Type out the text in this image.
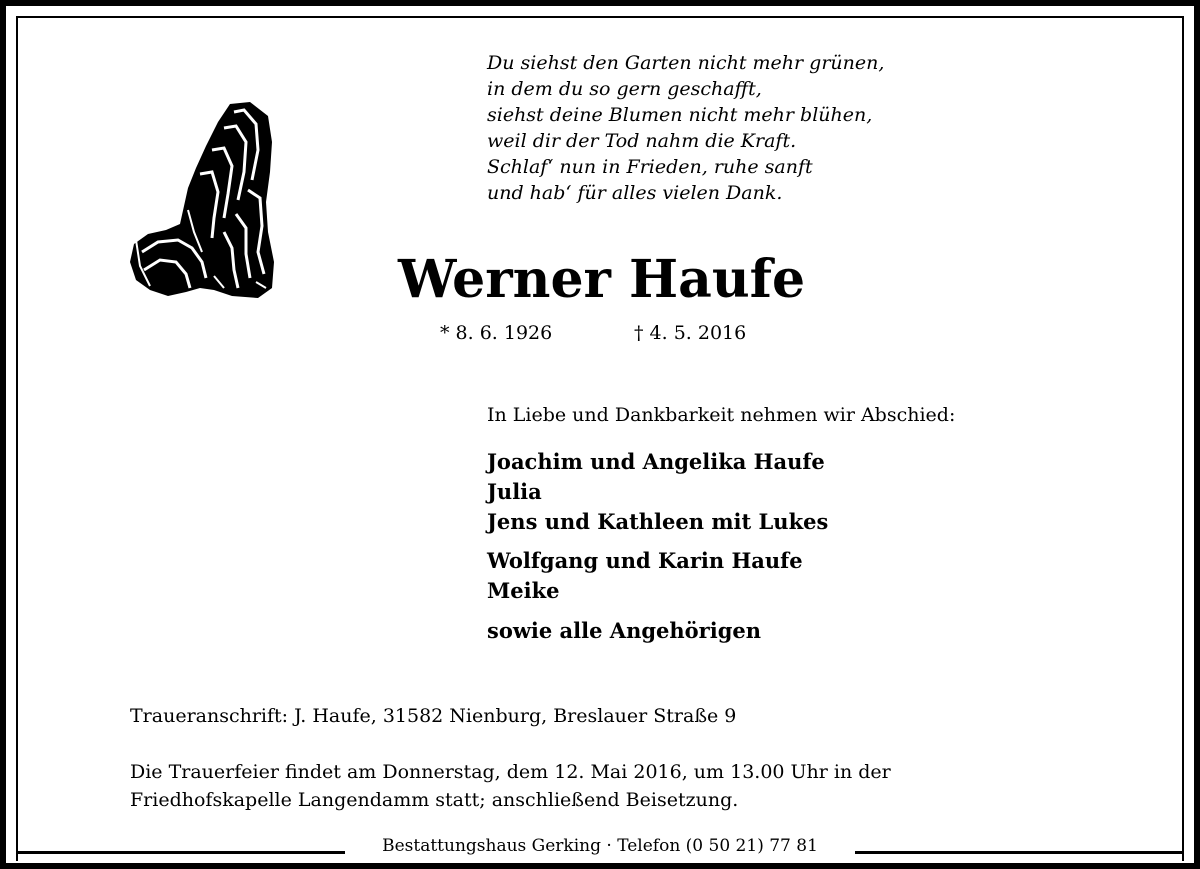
Du siehst den Garten nicht mehr grünen,
in dem du so gern geschafft,
siehst deine Blumen nicht mehr blühen,
weil dir der Tod nahm die Kraft.
Schlaf‘ nun in Frieden, ruhe sanft
und hab‘ für alles vielen Dank.
Werner Haufe
* 8. 6. 1926	† 4. 5. 2016
In Liebe und Dankbarkeit nehmen wir Abschied:
Joachim und Angelika Haufe
Julia
Jens und Kathleen mit Lukes
Wolfgang und Karin Haufe
Meike
sowie alle Angehörigen
Traueranschrift: J. Haufe, 31582 Nienburg, Breslauer Straße 9
Die Trauerfeier findet am Donnerstag, dem 12. Mai 2016, um 13.00 Uhr in der
Friedhofskapelle Langendamm statt; anschließend Beisetzung.
Bestattungshaus Gerking · Telefon (0 50 21) 77 81
